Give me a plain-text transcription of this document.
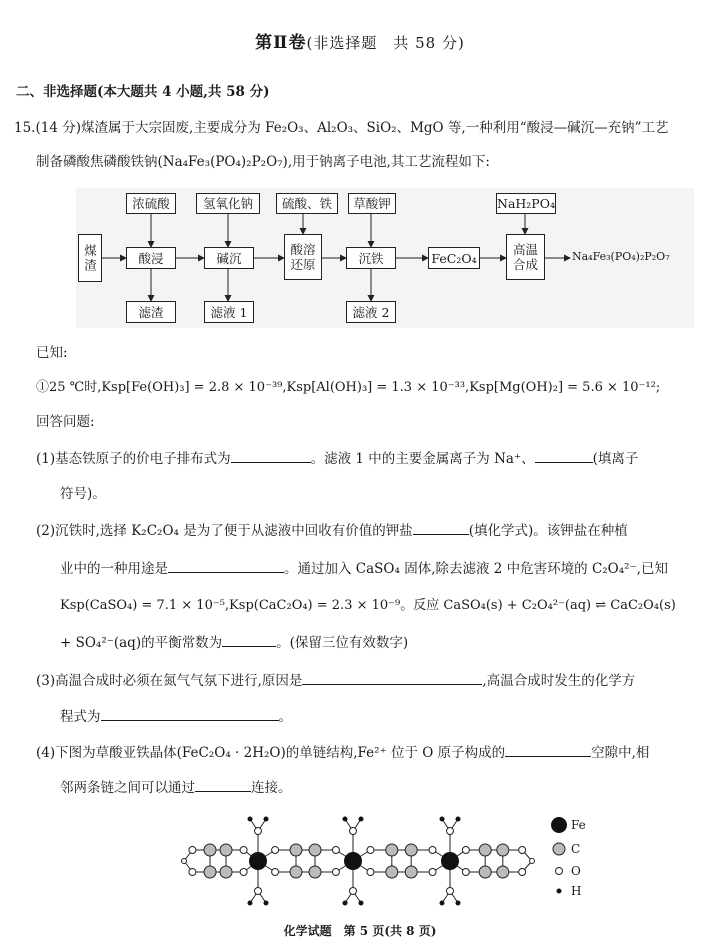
第Ⅱ卷(非选择题　共 58 分)
二、非选择题(本大题共 4 小题,共 58 分)
15.(14 分)煤渣属于大宗固废,主要成分为 Fe₂O₃、Al₂O₃、SiO₂、MgO 等,一种利用“酸浸—碱沉—充钠”工艺
制备磷酸焦磷酸铁钠(Na₄Fe₃(PO₄)₂P₂O₇),用于钠离子电池,其工艺流程如下:
煤渣
浓硫酸	氢氧化钠	硫酸、铁	草酸钾	NaH₂PO₄
酸浸	碱沉
酸溶还原	沉铁	FeC₂O₄
高温合成
Na₄Fe₃(PO₄)₂P₂O₇
滤渣	滤液 1	滤液 2
已知:
①25 ℃时,Ksp[Fe(OH)₃] = 2.8 × 10⁻³⁹,Ksp[Al(OH)₃] = 1.3 × 10⁻³³,Ksp[Mg(OH)₂] = 5.6 × 10⁻¹²;
回答问题:
(1)基态铁原子的价电子排布式为	。滤液 1 中的主要金属离子为 Na⁺、	(填离子
符号)。
(2)沉铁时,选择 K₂C₂O₄ 是为了便于从滤液中回收有价值的钾盐	(填化学式)。该钾盐在种植
业中的一种用途是	。通过加入 CaSO₄ 固体,除去滤液 2 中危害环境的 C₂O₄²⁻,已知
Ksp(CaSO₄) = 7.1 × 10⁻⁵,Ksp(CaC₂O₄) = 2.3 × 10⁻⁹。反应 CaSO₄(s) + C₂O₄²⁻(aq) ⇌ CaC₂O₄(s)
+ SO₄²⁻(aq)的平衡常数为	。(保留三位有效数字)
(3)高温合成时必须在氮气气氛下进行,原因是	,高温合成时发生的化学方
程式为	。
(4)下图为草酸亚铁晶体(FeC₂O₄ · 2H₂O)的单链结构,Fe²⁺ 位于 O 原子构成的	空隙中,相
邻两条链之间可以通过	连接。
Fe
C
O
H
化学试题　第 5 页(共 8 页)
